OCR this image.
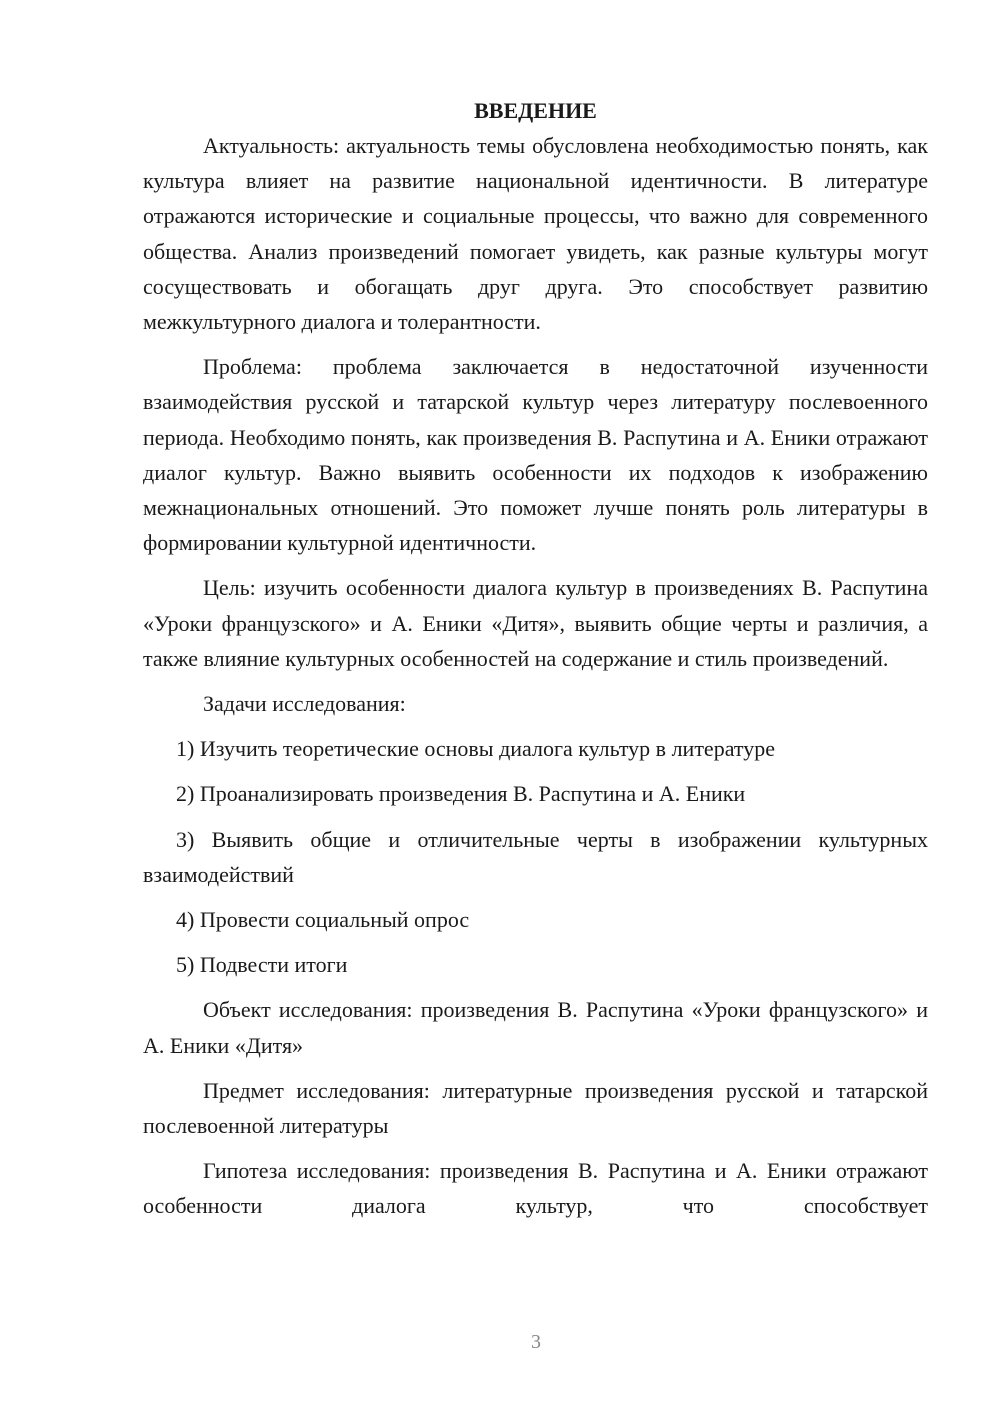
ВВЕДЕНИЕ

Актуальность: актуальность темы обусловлена необходимостью понять, как культура влияет на развитие национальной идентичности. В литературе отражаются исторические и социальные процессы, что важно для современного общества. Анализ произведений помогает увидеть, как разные культуры могут сосуществовать и обогащать друг друга. Это способствует развитию межкультурного диалога и толерантности.

Проблема: проблема заключается в недостаточной изученности взаимодействия русской и татарской культур через литературу послевоенного периода. Необходимо понять, как произведения В. Распутина и А. Еники отражают диалог культур. Важно выявить особенности их подходов к изображению межнациональных отношений. Это поможет лучше понять роль литературы в формировании культурной идентичности.

Цель: изучить особенности диалога культур в произведениях В. Распутина «Уроки французского» и А. Еники «Дитя», выявить общие черты и различия, а также влияние культурных особенностей на содержание и стиль произведений.

Задачи исследования:

1) Изучить теоретические основы диалога культур в литературе

2) Проанализировать произведения В. Распутина и А. Еники

3) Выявить общие и отличительные черты в изображении культурных взаимодействий

4) Провести социальный опрос

5) Подвести итоги

Объект исследования: произведения В. Распутина «Уроки французского» и А. Еники «Дитя»

Предмет исследования: литературные произведения русской и татарской послевоенной литературы

Гипотеза исследования: произведения В. Распутина и А. Еники отражают особенности диалога культур, что способствует

3
